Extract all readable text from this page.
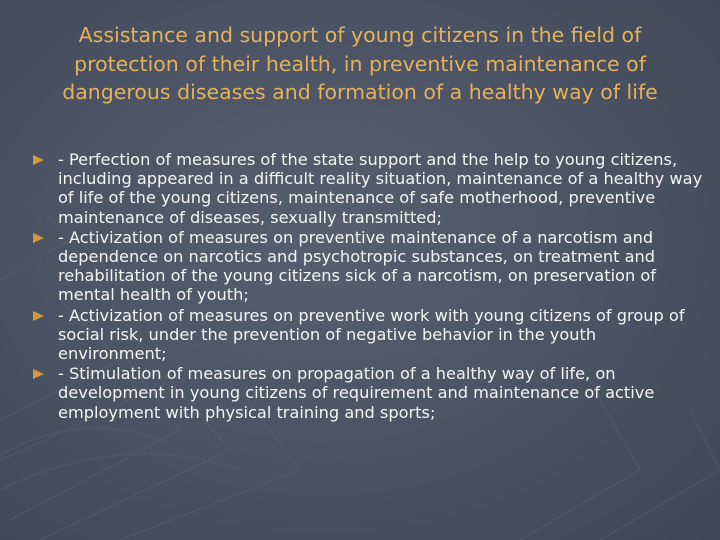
Assistance and support of young citizens in the field of protection of their health, in preventive maintenance of dangerous diseases and formation of a healthy way of life
- Perfection of measures of the state support and the help to young citizens, including appeared in a difficult reality situation, maintenance of a healthy way of life of the young citizens, maintenance of safe motherhood, preventive maintenance of diseases, sexually transmitted;
- Activization of measures on preventive maintenance of a narcotism and dependence on narcotics and psychotropic substances, on treatment and rehabilitation of the young citizens sick of a narcotism, on preservation of mental health of youth;
- Activization of measures on preventive work with young citizens of group of social risk, under the prevention of negative behavior in the youth environment;
- Stimulation of measures on propagation of a healthy way of life, on development in young citizens of requirement and maintenance of active employment with physical training and sports;
